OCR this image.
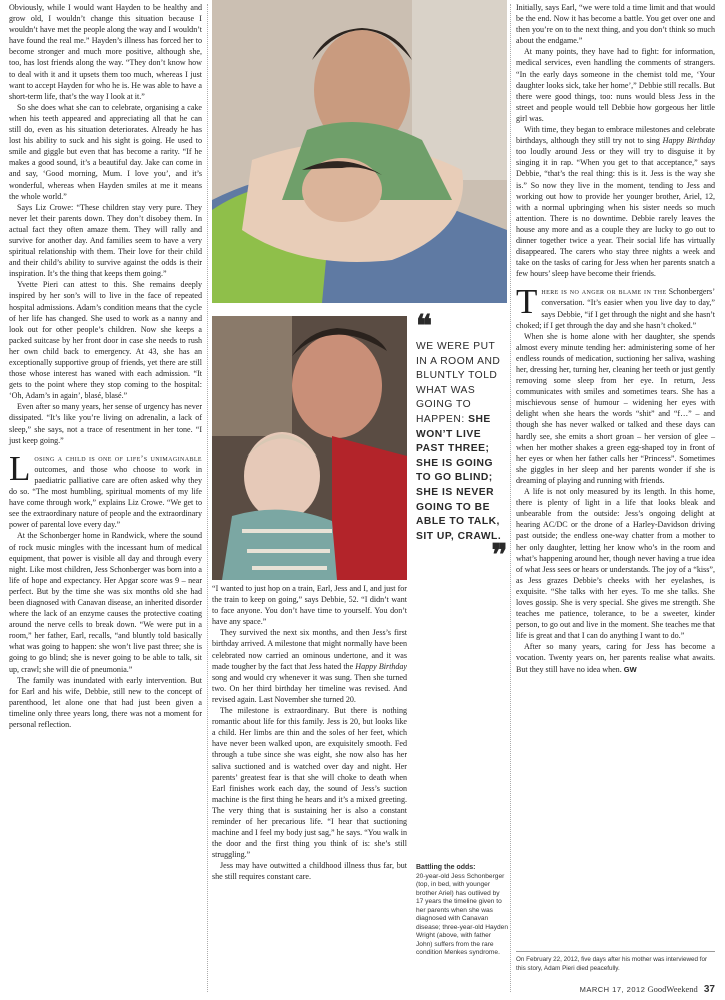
Obviously, while I would want Hayden to be healthy and grow old, I wouldn’t change this situation because I wouldn’t have met the people along the way and I wouldn’t have found the real me.” Hayden’s illness has forced her to become stronger and much more positive, although she, too, has lost friends along the way. “They don’t know how to deal with it and it upsets them too much, whereas I just want to accept Hayden for who he is. He was able to have a short-term life, that’s the way I look at it.”

So she does what she can to celebrate, organising a cake when his teeth appeared and appreciating all that he can still do, even as his situation deteriorates. Already he has lost his ability to suck and his sight is going. He used to smile and giggle but even that has become a rarity. “If he makes a good sound, it’s a beautiful day. Jake can come in and say, ‘Good morning, Mum. I love you’, and it’s wonderful, whereas when Hayden smiles at me it means the whole world.”

Says Liz Crowe: “These children stay very pure. They never let their parents down. They don’t disobey them. In actual fact they often amaze them. They will rally and survive for another day. And families seem to have a very spiritual relationship with them. Their love for their child and their child’s ability to survive against the odds is their inspiration. It’s the thing that keeps them going.”

Yvette Pieri can attest to this. She remains deeply inspired by her son’s will to live in the face of repeated hospital admissions. Adam’s condition means that the cycle of her life has changed. She used to work as a nanny and look out for other people’s children. Now she keeps a packed suitcase by her front door in case she needs to rush her own child back to emergency. At 43, she has an exceptionally supportive group of friends, yet there are still those whose interest has waned with each admission. “It gets to the point where they stop coming to the hospital: ‘Oh, Adam’s in again’, blasé, blasé.”

Even after so many years, her sense of urgency has never dissipated. “It’s like you’re living on adrenalin, a lack of sleep,” she says, not a trace of resentment in her tone. “I just keep going.”

Losing a child is one of life’s unimaginable outcomes, and those who choose to work in paediatric palliative care are often asked why they do so. “The most humbling, spiritual moments of my life have come through work,” explains Liz Crowe. “We get to see the extraordinary nature of people and the extraordinary power of parental love every day.”

At the Schonberger home in Randwick, where the sound of rock music mingles with the incessant hum of medical equipment, that power is visible all day and through every night. Like most children, Jess Schonberger was born into a life of hope and expectancy. Her Apgar score was 9 – near perfect. But by the time she was six months old she had been diagnosed with Canavan disease, an inherited disorder where the lack of an enzyme causes the protective coating around the nerve cells to break down. “We were put in a room,” her father, Earl, recalls, “and bluntly told basically what was going to happen: she won’t live past three; she is going to go blind; she is never going to be able to talk, sit up, crawl; she will die of pneumonia.”

The family was inundated with early intervention. But for Earl and his wife, Debbie, still new to the concept of parenthood, let alone one that had just been given a timeline only three years long, there was not a moment for personal reflection.

“I wanted to just hop on a train, Earl, Jess and I, and just for the train to keep on going,” says Debbie, 52. “I didn’t want to face anyone. You don’t have time to yourself. You don’t have any space.”

They survived the next six months, and then Jess’s first birthday arrived. A milestone that might normally have been celebrated now carried an ominous undertone, and it was made tougher by the fact that Jess hated the Happy Birthday song and would cry whenever it was sung. Then she turned two. On her third birthday her timeline was revised. And revised again. Last November she turned 20.

The milestone is extraordinary. But there is nothing romantic about life for this family. Jess is 20, but looks like a child. Her limbs are thin and the soles of her feet, which have never been walked upon, are exquisitely smooth. Fed through a tube since she was eight, she now also has her saliva suctioned and is watched over day and night. Her parents’ greatest fear is that she will choke to death when Earl finishes work each day, the sound of Jess’s suction machine is the first thing he hears and it’s a mixed greeting. The very thing that is sustaining her is also a constant reminder of her precarious life. “I hear that suctioning machine and I feel my body just sag,” he says. “You walk in the door and the first thing you think of is: she’s still struggling.”

Jess may have outwitted a childhood illness thus far, but she still requires constant care.

❝
WE WERE PUT IN A ROOM AND BLUNTLY TOLD WHAT WAS GOING TO HAPPEN: SHE WON’T LIVE PAST THREE; SHE IS GOING TO GO BLIND; SHE IS NEVER GOING TO BE ABLE TO TALK, SIT UP, CRAWL.
❞
Battling the odds:
20-year-old Jess Schonberger (top, in bed, with younger brother Ariel) has outlived by 17 years the timeline given to her parents when she was diagnosed with Canavan disease; three-year-old Hayden Wright (above, with father John) suffers from the rare condition Menkes syndrome.

Initially, says Earl, “we were told a time limit and that would be the end. Now it has become a battle. You get over one and then you’re on to the next thing, and you don’t think so much about the endgame.”

At many points, they have had to fight: for information, medical services, even handling the comments of strangers. “In the early days someone in the chemist told me, ‘Your daughter looks sick, take her home’,” Debbie still recalls. But there were good things, too: nuns would bless Jess in the street and people would tell Debbie how gorgeous her little girl was.

With time, they began to embrace milestones and celebrate birthdays, although they still try not to sing Happy Birthday too loudly around Jess or they will try to disguise it by singing it in rap. “When you get to that acceptance,” says Debbie, “that’s the real thing: this is it. Jess is the way she is.” So now they live in the moment, tending to Jess and working out how to provide her younger brother, Ariel, 12, with a normal upbringing when his sister needs so much attention. There is no downtime. Debbie rarely leaves the house any more and as a couple they are lucky to go out to dinner together twice a year. Their social life has virtually disappeared. The carers who stay three nights a week and take on the tasks of caring for Jess when her parents snatch a few hours’ sleep have become their friends.

There is no anger or blame in the Schonbergers’ conversation. “It’s easier when you live day to day,” says Debbie, “if I get through the night and she hasn’t choked; if I get through the day and she hasn’t choked.”

When she is home alone with her daughter, she spends almost every minute tending her: administering some of her endless rounds of medication, suctioning her saliva, washing her, dressing her, turning her, cleaning her teeth or just gently removing some sleep from her eye. In return, Jess communicates with smiles and sometimes tears. She has a mischievous sense of humour – widening her eyes with delight when she hears the words “shit” and “f…” – and though she has never walked or talked and these days can hardly see, she emits a short groan – her version of glee – when her mother shakes a green egg-shaped toy in front of her eyes or when her father calls her “Princess”. Sometimes she giggles in her sleep and her parents wonder if she is dreaming of playing and running with friends.

A life is not only measured by its length. In this home, there is plenty of light in a life that looks bleak and unbearable from the outside: Jess’s ongoing delight at hearing AC/DC or the drone of a Harley-Davidson driving past outside; the endless one-way chatter from a mother to her only daughter, letting her know who’s in the room and what’s happening around her, though never having a true idea of what Jess sees or hears or understands. The joy of a “kiss”, as Jess grazes Debbie’s cheeks with her eyelashes, is exquisite. “She talks with her eyes. To me she talks. She loves gossip. She is very special. She gives me strength. She teaches me patience, tolerance, to be a sweeter, kinder person, to go out and live in the moment. She teaches me that life is great and that I can do anything I want to do.”

After so many years, caring for Jess has become a vocation. Twenty years on, her parents realise what awaits. But they still have no idea when. GW

On February 22, 2012, five days after his mother was interviewed for this story, Adam Pieri died peacefully.
MARCH 17, 2012 GoodWeekend 37
